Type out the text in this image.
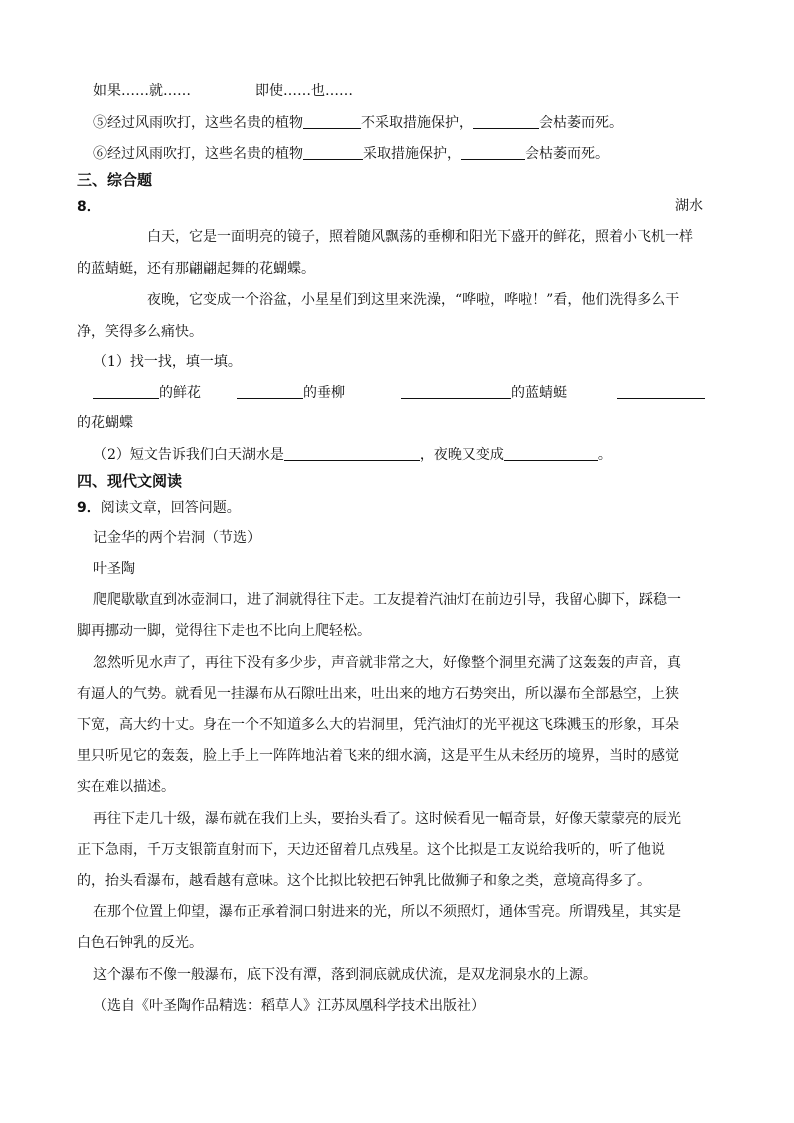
如果……就……	即使……也……
⑤经过风雨吹打，这些名贵的植物	不采取措施保护，	会枯萎而死。
⑥经过风雨吹打，这些名贵的植物	采取措施保护，	会枯萎而死。
三、综合题
8．	湖水
白天，它是一面明亮的镜子，照着随风飘荡的垂柳和阳光下盛开的鲜花，照着小飞机一样
的蓝蜻蜓，还有那翩翩起舞的花蝴蝶。
夜晚，它变成一个浴盆，小星星们到这里来洗澡，“哗啦，哗啦！”看，他们洗得多么干
净，笑得多么痛快。
（1）找一找，填一填。
的鲜花	的垂柳	的蓝蜻蜓
的花蝴蝶
（2）短文告诉我们白天湖水是	，夜晚又变成	。
四、现代文阅读
9．阅读文章，回答问题。
记金华的两个岩洞（节选）
叶圣陶
爬爬歇歇直到冰壶洞口，进了洞就得往下走。工友提着汽油灯在前边引导，我留心脚下，踩稳一
脚再挪动一脚，觉得往下走也不比向上爬轻松。
忽然听见水声了，再往下没有多少步，声音就非常之大，好像整个洞里充满了这轰轰的声音，真
有逼人的气势。就看见一挂瀑布从石隙吐出来，吐出来的地方石势突出，所以瀑布全部悬空，上狭
下宽，高大约十丈。身在一个不知道多么大的岩洞里，凭汽油灯的光平视这飞珠溅玉的形象，耳朵
里只听见它的轰轰，脸上手上一阵阵地沾着飞来的细水滴，这是平生从未经历的境界，当时的感觉
实在难以描述。
再往下走几十级，瀑布就在我们上头，要抬头看了。这时候看见一幅奇景，好像天蒙蒙亮的辰光
正下急雨，千万支银箭直射而下，天边还留着几点残星。这个比拟是工友说给我听的，听了他说
的，抬头看瀑布，越看越有意味。这个比拟比较把石钟乳比做狮子和象之类，意境高得多了。
在那个位置上仰望，瀑布正承着洞口射进来的光，所以不须照灯，通体雪亮。所谓残星，其实是
白色石钟乳的反光。
这个瀑布不像一般瀑布，底下没有潭，落到洞底就成伏流，是双龙洞泉水的上源。
（选自《叶圣陶作品精选：稻草人》江苏凤凰科学技术出版社）
